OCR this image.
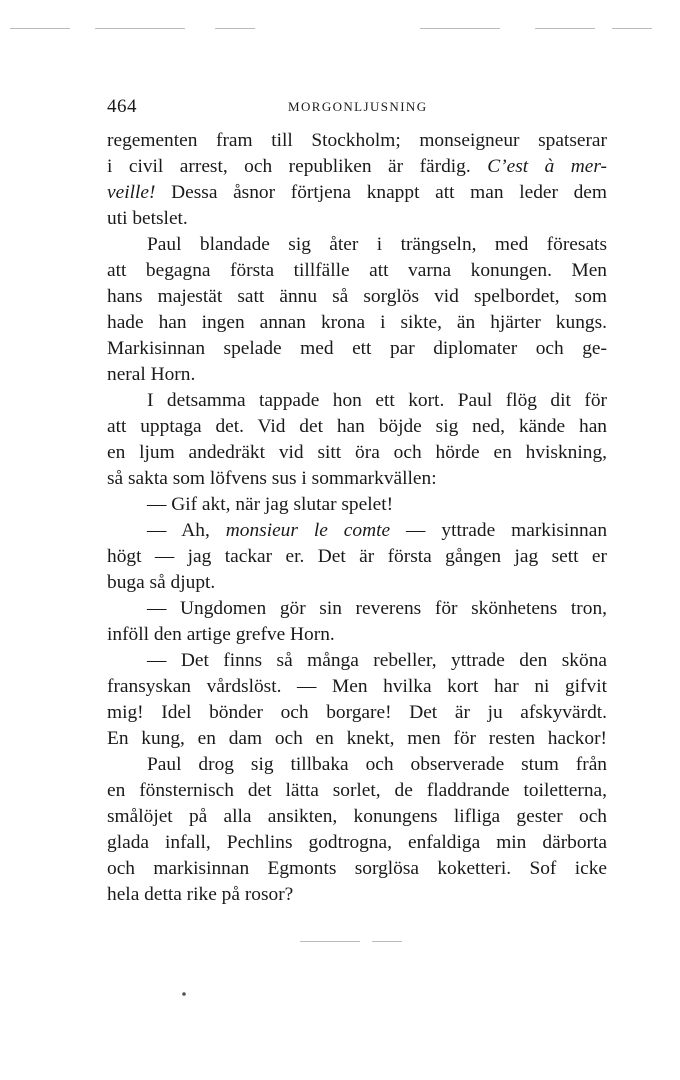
464	MORGONLJUSNING
regementen fram till Stockholm; monseigneur spatserar
i civil arrest, och republiken är färdig. C’est à mer-
veille! Dessa åsnor förtjena knappt att man leder dem
uti betslet.
Paul blandade sig åter i trängseln, med föresats
att begagna första tillfälle att varna konungen. Men
hans majestät satt ännu så sorglös vid spelbordet, som
hade han ingen annan krona i sikte, än hjärter kungs.
Markisinnan spelade med ett par diplomater och ge-
neral Horn.
I detsamma tappade hon ett kort. Paul flög dit för
att upptaga det. Vid det han böjde sig ned, kände han
en ljum andedräkt vid sitt öra och hörde en hviskning,
så sakta som löfvens sus i sommarkvällen:
— Gif akt, när jag slutar spelet!
— Ah, monsieur le comte — yttrade markisinnan
högt — jag tackar er. Det är första gången jag sett er
buga så djupt.
— Ungdomen gör sin reverens för skönhetens tron,
inföll den artige grefve Horn.
— Det finns så många rebeller, yttrade den sköna
fransyskan vårdslöst. — Men hvilka kort har ni gifvit
mig! Idel bönder och borgare! Det är ju afskyvärdt.
En kung, en dam och en knekt, men för resten hackor!
Paul drog sig tillbaka och observerade stum från
en fönsternisch det lätta sorlet, de fladdrande toiletterna,
smålöjet på alla ansikten, konungens lifliga gester och
glada infall, Pechlins godtrogna, enfaldiga min därborta
och markisinnan Egmonts sorglösa koketteri. Sof icke
hela detta rike på rosor?
